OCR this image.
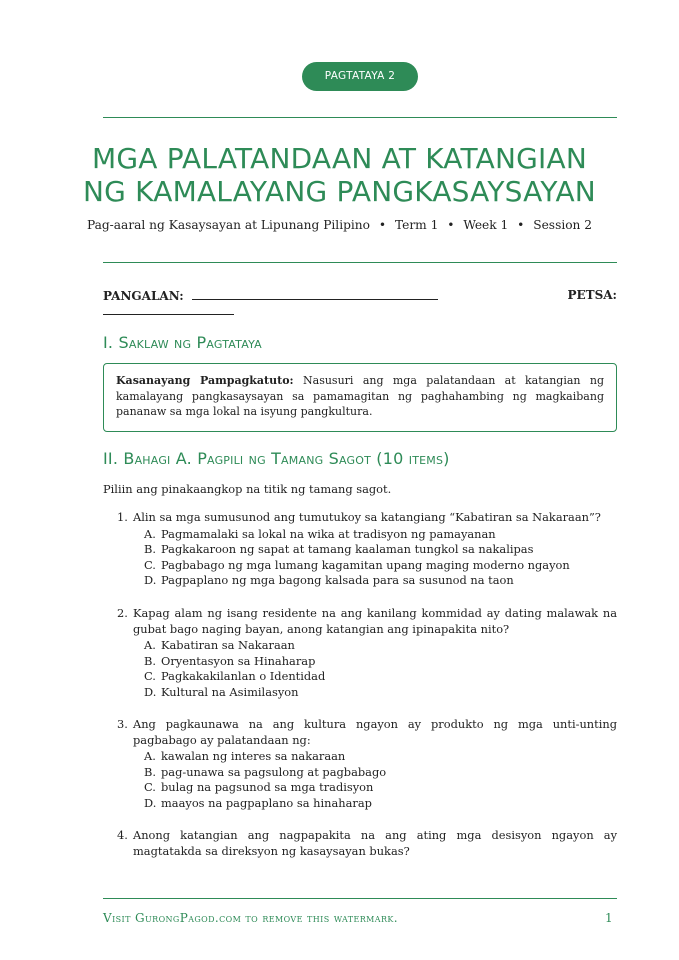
PAGTATAYA 2
MGA PALATANDAAN AT KATANGIAN
NG KAMALAYANG PANGKASAYSAYAN
Pag-aaral ng Kasaysayan at Lipunang Pilipino • Term 1 • Week 1 • Session 2
PANGALAN:	PETSA:
I. Saklaw ng Pagtataya
Kasanayang Pampagkatuto: Nasusuri ang mga palatandaan at katangian ng kamalayang pangkasaysayan sa pamamagitan ng paghahambing ng magkaibang pananaw sa mga lokal na isyung pangkultura.
II. Bahagi A. Pagpili ng Tamang Sagot (10 items)
Piliin ang pinakaangkop na titik ng tamang sagot.
1. Alin sa mga sumusunod ang tumutukoy sa katangiang “Kabatiran sa Nakaraan”?
A. Pagmamalaki sa lokal na wika at tradisyon ng pamayanan
B. Pagkakaroon ng sapat at tamang kaalaman tungkol sa nakalipas
C. Pagbabago ng mga lumang kagamitan upang maging moderno ngayon
D. Pagpaplano ng mga bagong kalsada para sa susunod na taon
2. Kapag alam ng isang residente na ang kanilang kommidad ay dating malawak na gubat bago naging bayan, anong katangian ang ipinapakita nito?
A. Kabatiran sa Nakaraan
B. Oryentasyon sa Hinaharap
C. Pagkakakilanlan o Identidad
D. Kultural na Asimilasyon
3. Ang pagkaunawa na ang kultura ngayon ay produkto ng mga unti-unting pagbabago ay palatandaan ng:
A. kawalan ng interes sa nakaraan
B. pag-unawa sa pagsulong at pagbabago
C. bulag na pagsunod sa mga tradisyon
D. maayos na pagpaplano sa hinaharap
4. Anong katangian ang nagpapakita na ang ating mga desisyon ngayon ay magtatakda sa direksyon ng kasaysayan bukas?
Visit GurongPagod.com to remove this watermark.	1
